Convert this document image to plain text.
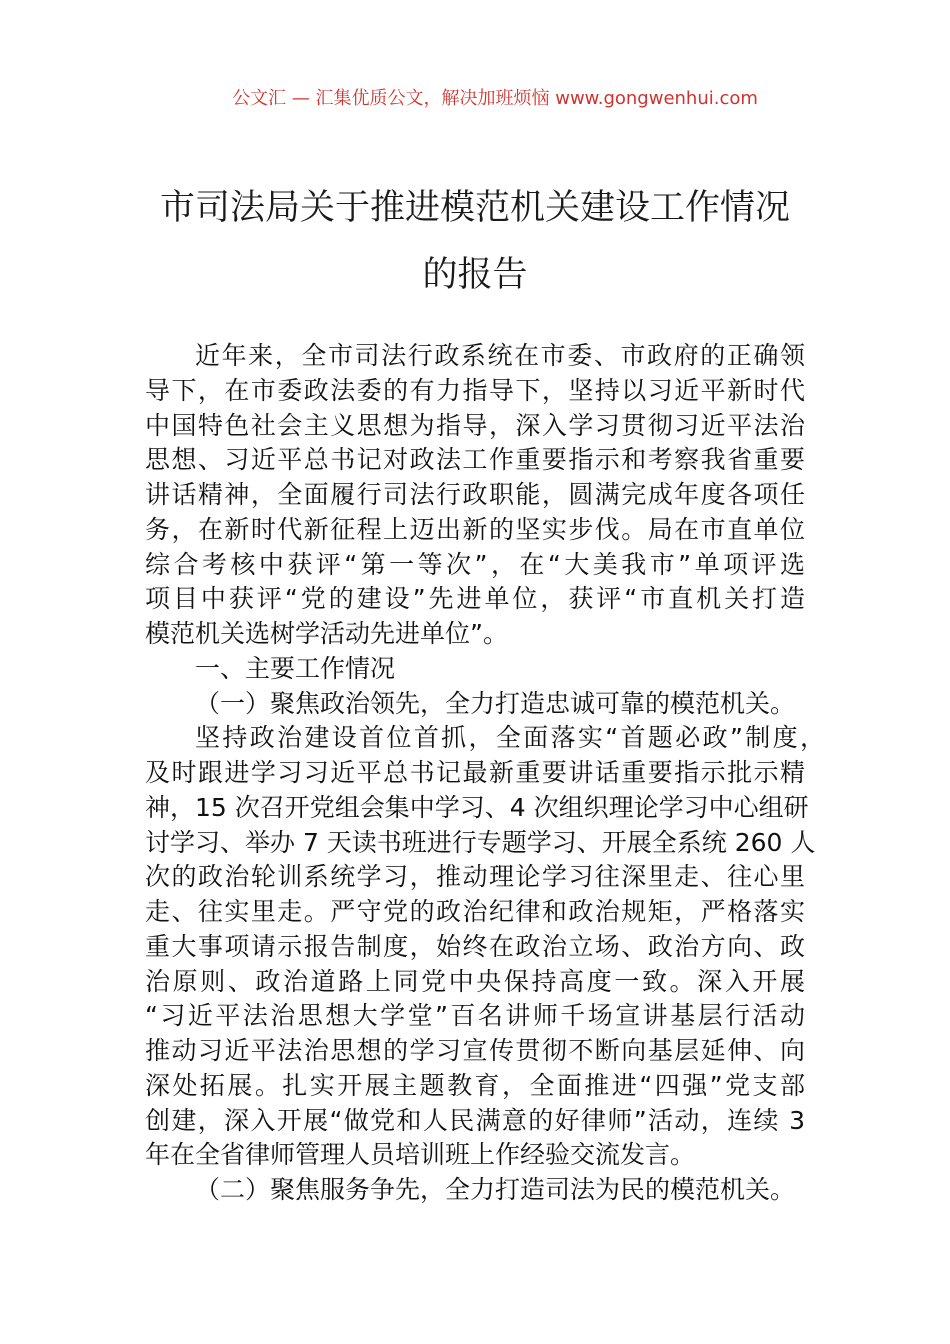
公文汇 — 汇集优质公文，解决加班烦恼 www.gongwenhui.com
市司法局关于推进模范机关建设工作情况
的报告
近年来，全市司法行政系统在市委、市政府的正确领
导下，在市委政法委的有力指导下，坚持以习近平新时代
中国特色社会主义思想为指导，深入学习贯彻习近平法治
思想、习近平总书记对政法工作重要指示和考察我省重要
讲话精神，全面履行司法行政职能，圆满完成年度各项任
务，在新时代新征程上迈出新的坚实步伐。局在市直单位
综合考核中获评“第一等次”，在“大美我市”单项评选
项目中获评“党的建设”先进单位，获评“市直机关打造
模范机关选树学活动先进单位”。
一、主要工作情况
（一）聚焦政治领先，全力打造忠诚可靠的模范机关。
坚持政治建设首位首抓，全面落实“首题必政”制度，
及时跟进学习习近平总书记最新重要讲话重要指示批示精
神，15 次召开党组会集中学习、4 次组织理论学习中心组研
讨学习、举办 7 天读书班进行专题学习、开展全系统 260 人
次的政治轮训系统学习，推动理论学习往深里走、往心里
走、往实里走。严守党的政治纪律和政治规矩，严格落实
重大事项请示报告制度，始终在政治立场、政治方向、政
治原则、政治道路上同党中央保持高度一致。深入开展
“习近平法治思想大学堂”百名讲师千场宣讲基层行活动
推动习近平法治思想的学习宣传贯彻不断向基层延伸、向
深处拓展。扎实开展主题教育，全面推进“四强”党支部
创建，深入开展“做党和人民满意的好律师”活动，连续 3
年在全省律师管理人员培训班上作经验交流发言。
（二）聚焦服务争先，全力打造司法为民的模范机关。
